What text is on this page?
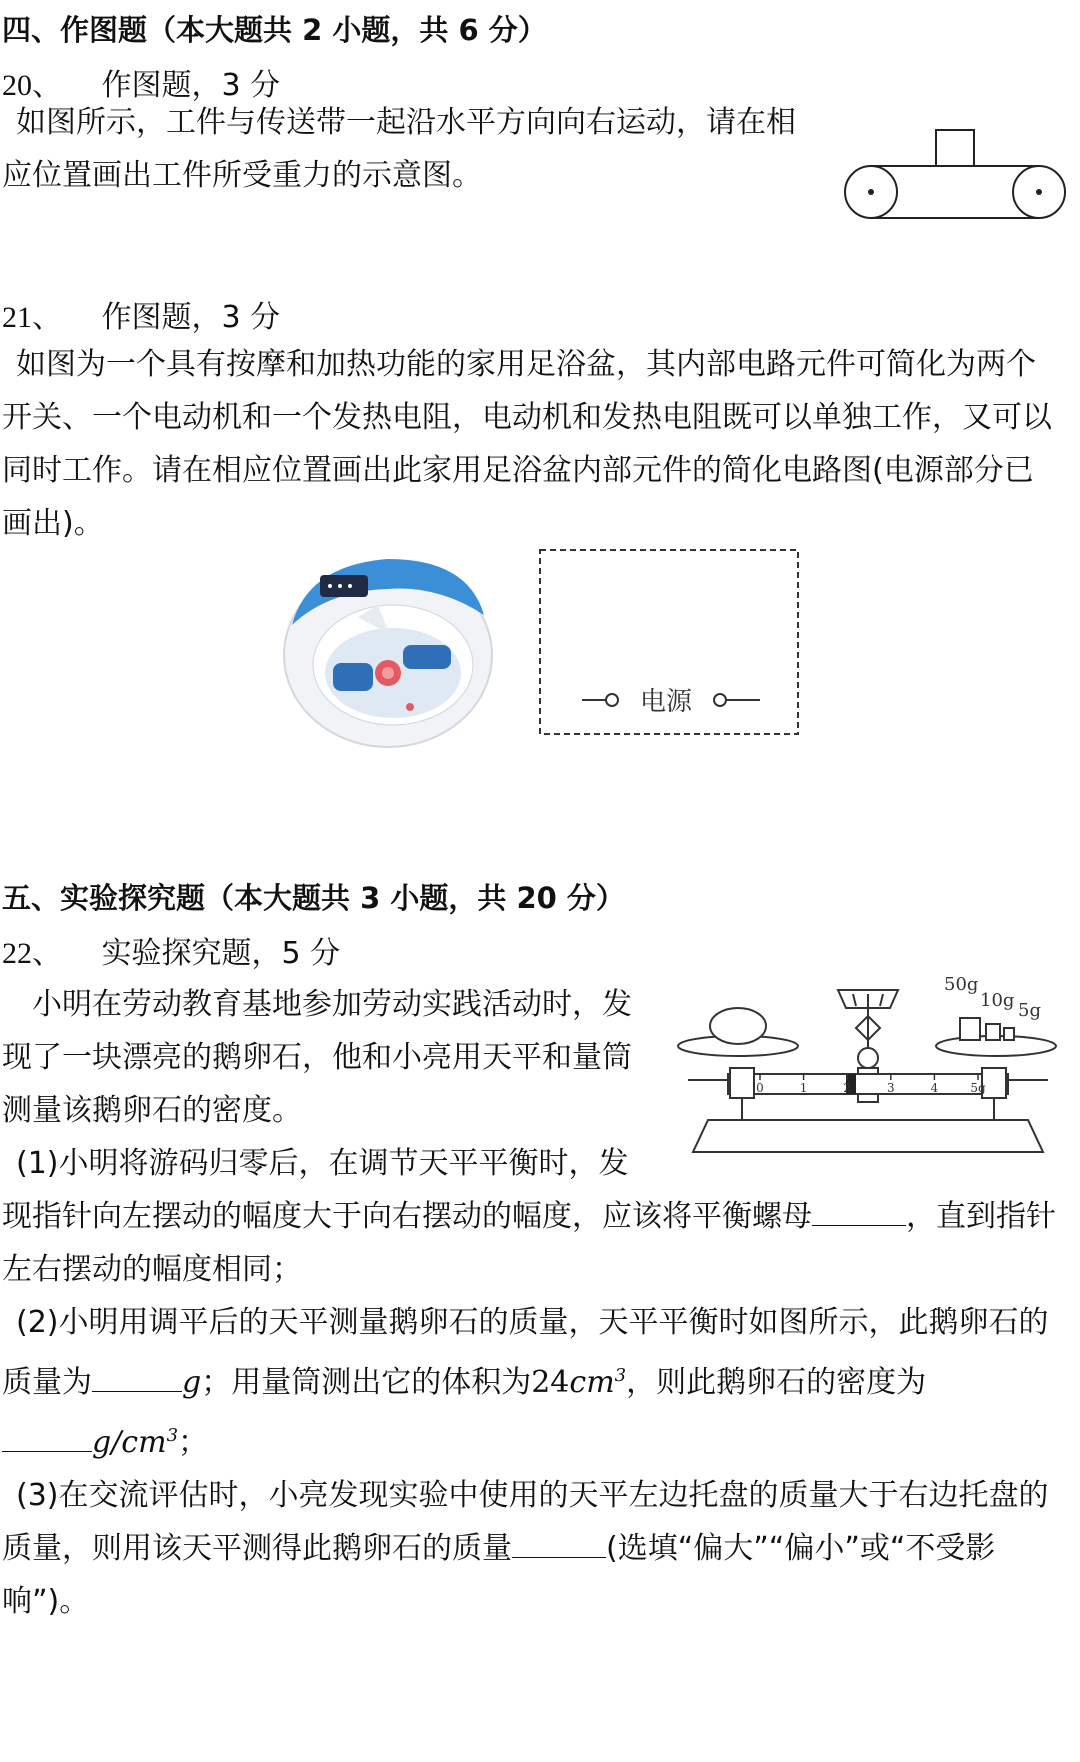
四、作图题（本大题共 2 小题，共 6 分）
20、 作图题，3 分
如图所示，工件与传送带一起沿水平方向向右运动，请在相
应位置画出工件所受重力的示意图。
21、 作图题，3 分
如图为一个具有按摩和加热功能的家用足浴盆，其内部电路元件可简化为两个
开关、一个电动机和一个发热电阻，电动机和发热电阻既可以单独工作，又可以
同时工作。请在相应位置画出此家用足浴盆内部元件的简化电路图(电源部分已
画出)。
电源
五、实验探究题（本大题共 3 小题，共 20 分）
22、 实验探究题，5 分
小明在劳动教育基地参加劳动实践活动时，发
现了一块漂亮的鹅卵石，他和小亮用天平和量筒
测量该鹅卵石的密度。
(1)小明将游码归零后，在调节天平平衡时，发
现指针向左摆动的幅度大于向右摆动的幅度，应该将平衡螺母	，直到指针
左右摆动的幅度相同；
(2)小明用调平后的天平测量鹅卵石的质量，天平平衡时如图所示，此鹅卵石的
质量为	g；用量筒测出它的体积为$24cm^3$，则此鹅卵石的密度为
$g/cm^3$；
(3)在交流评估时，小亮发现实验中使用的天平左边托盘的质量大于右边托盘的
质量，则用该天平测得此鹅卵石的质量	(选填“偏大”“偏小”或“不受影
响”)。
0	1	2	3	4	5g
50g
10g 5g
